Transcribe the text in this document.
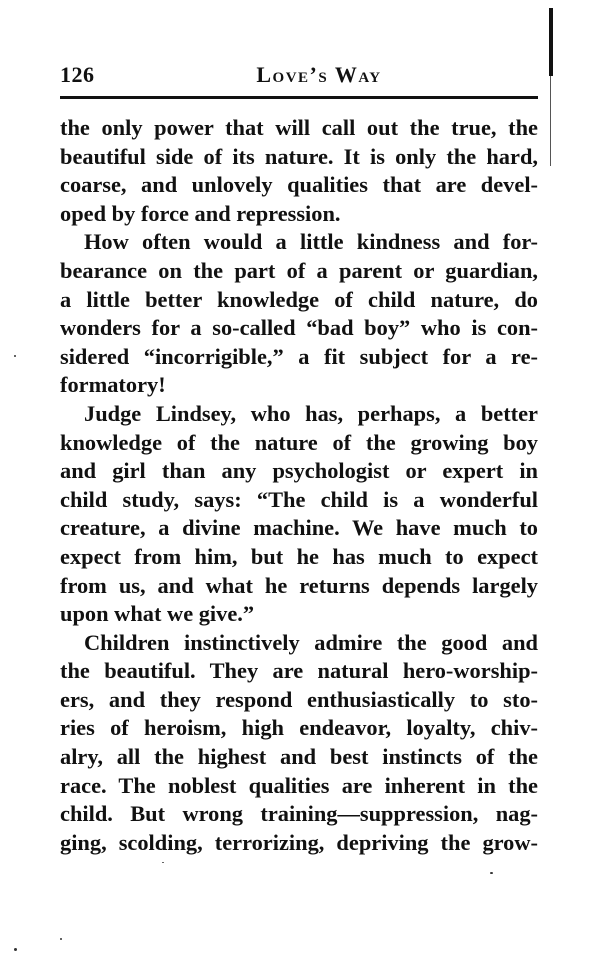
126	Love’s Way
the only power that will call out the true, the
beautiful side of its nature. It is only the hard,
coarse, and unlovely qualities that are devel-
oped by force and repression.
How often would a little kindness and for-
bearance on the part of a parent or guardian,
a little better knowledge of child nature, do
wonders for a so-called “bad boy” who is con-
sidered “incorrigible,” a fit subject for a re-
formatory!
Judge Lindsey, who has, perhaps, a better
knowledge of the nature of the growing boy
and girl than any psychologist or expert in
child study, says: “The child is a wonderful
creature, a divine machine. We have much to
expect from him, but he has much to expect
from us, and what he returns depends largely
upon what we give.”
Children instinctively admire the good and
the beautiful. They are natural hero-worship-
ers, and they respond enthusiastically to sto-
ries of heroism, high endeavor, loyalty, chiv-
alry, all the highest and best instincts of the
race. The noblest qualities are inherent in the
child. But wrong training—suppression, nag-
ging, scolding, terrorizing, depriving the grow-
